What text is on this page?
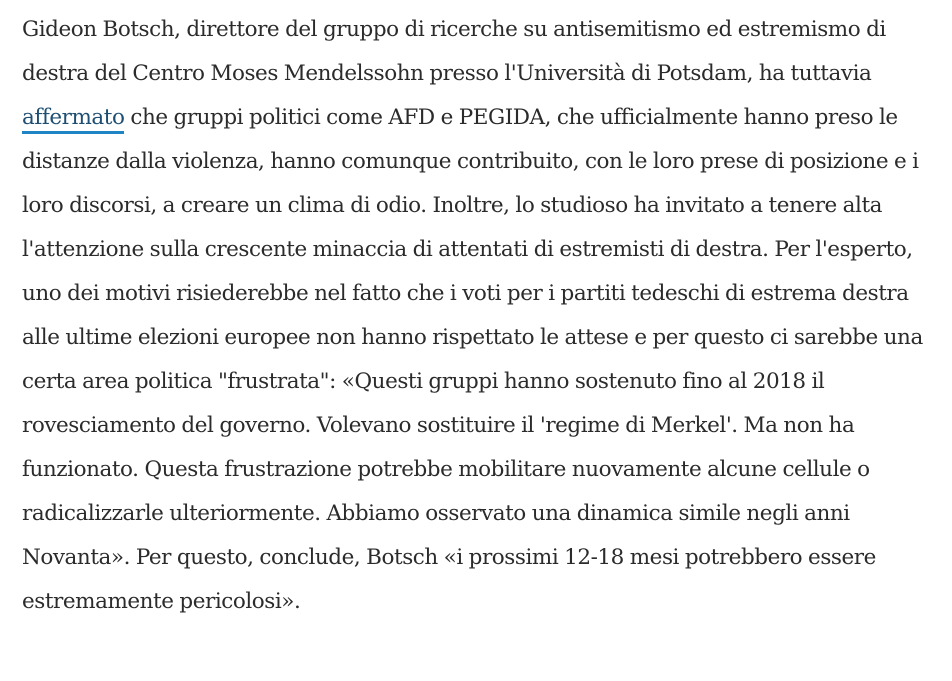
Gideon Botsch, direttore del gruppo di ricerche su antisemitismo ed estremismo di destra del Centro Moses Mendelssohn presso l'Università di Potsdam, ha tuttavia affermato che gruppi politici come AFD e PEGIDA, che ufficialmente hanno preso le distanze dalla violenza, hanno comunque contribuito, con le loro prese di posizione e i loro discorsi, a creare un clima di odio. Inoltre, lo studioso ha invitato a tenere alta l'attenzione sulla crescente minaccia di attentati di estremisti di destra. Per l'esperto, uno dei motivi risiederebbe nel fatto che i voti per i partiti tedeschi di estrema destra alle ultime elezioni europee non hanno rispettato le attese e per questo ci sarebbe una certa area politica "frustrata": «Questi gruppi hanno sostenuto fino al 2018 il rovesciamento del governo. Volevano sostituire il 'regime di Merkel'. Ma non ha funzionato. Questa frustrazione potrebbe mobilitare nuovamente alcune cellule o radicalizzarle ulteriormente. Abbiamo osservato una dinamica simile negli anni Novanta». Per questo, conclude, Botsch «i prossimi 12-18 mesi potrebbero essere estremamente pericolosi».
